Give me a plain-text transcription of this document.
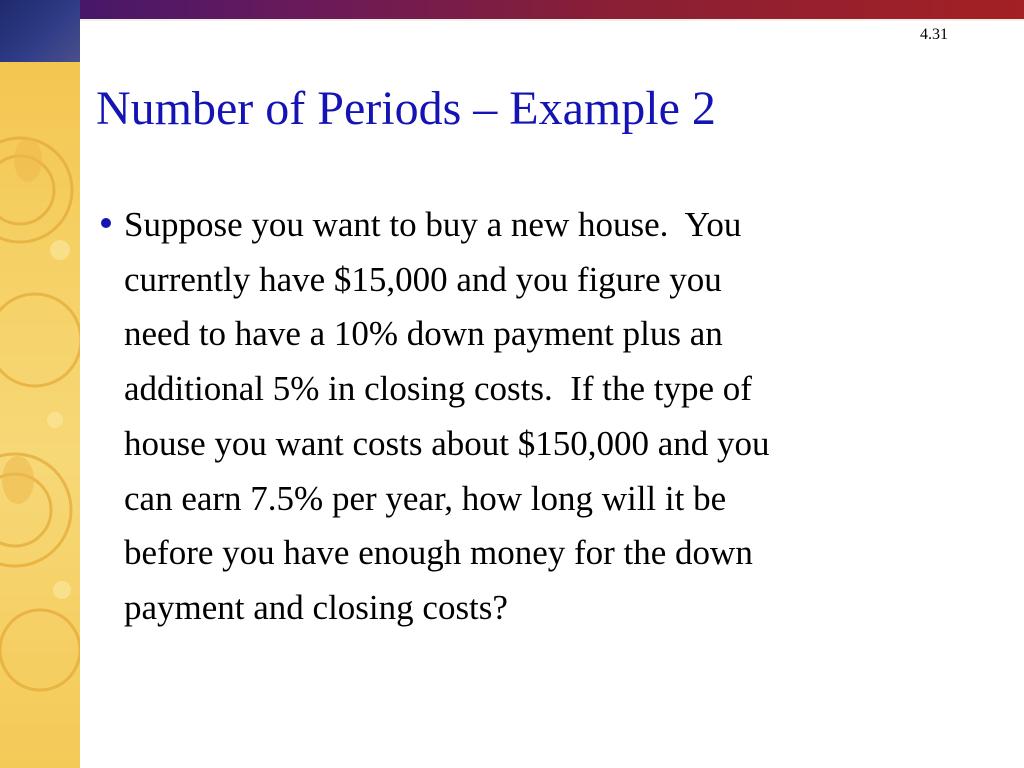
4.31
Number of Periods – Example 2

Suppose you want to buy a new house.  You
currently have $15,000 and you figure you
need to have a 10% down payment plus an
additional 5% in closing costs.  If the type of
house you want costs about $150,000 and you
can earn 7.5% per year, how long will it be
before you have enough money for the down
payment and closing costs?
